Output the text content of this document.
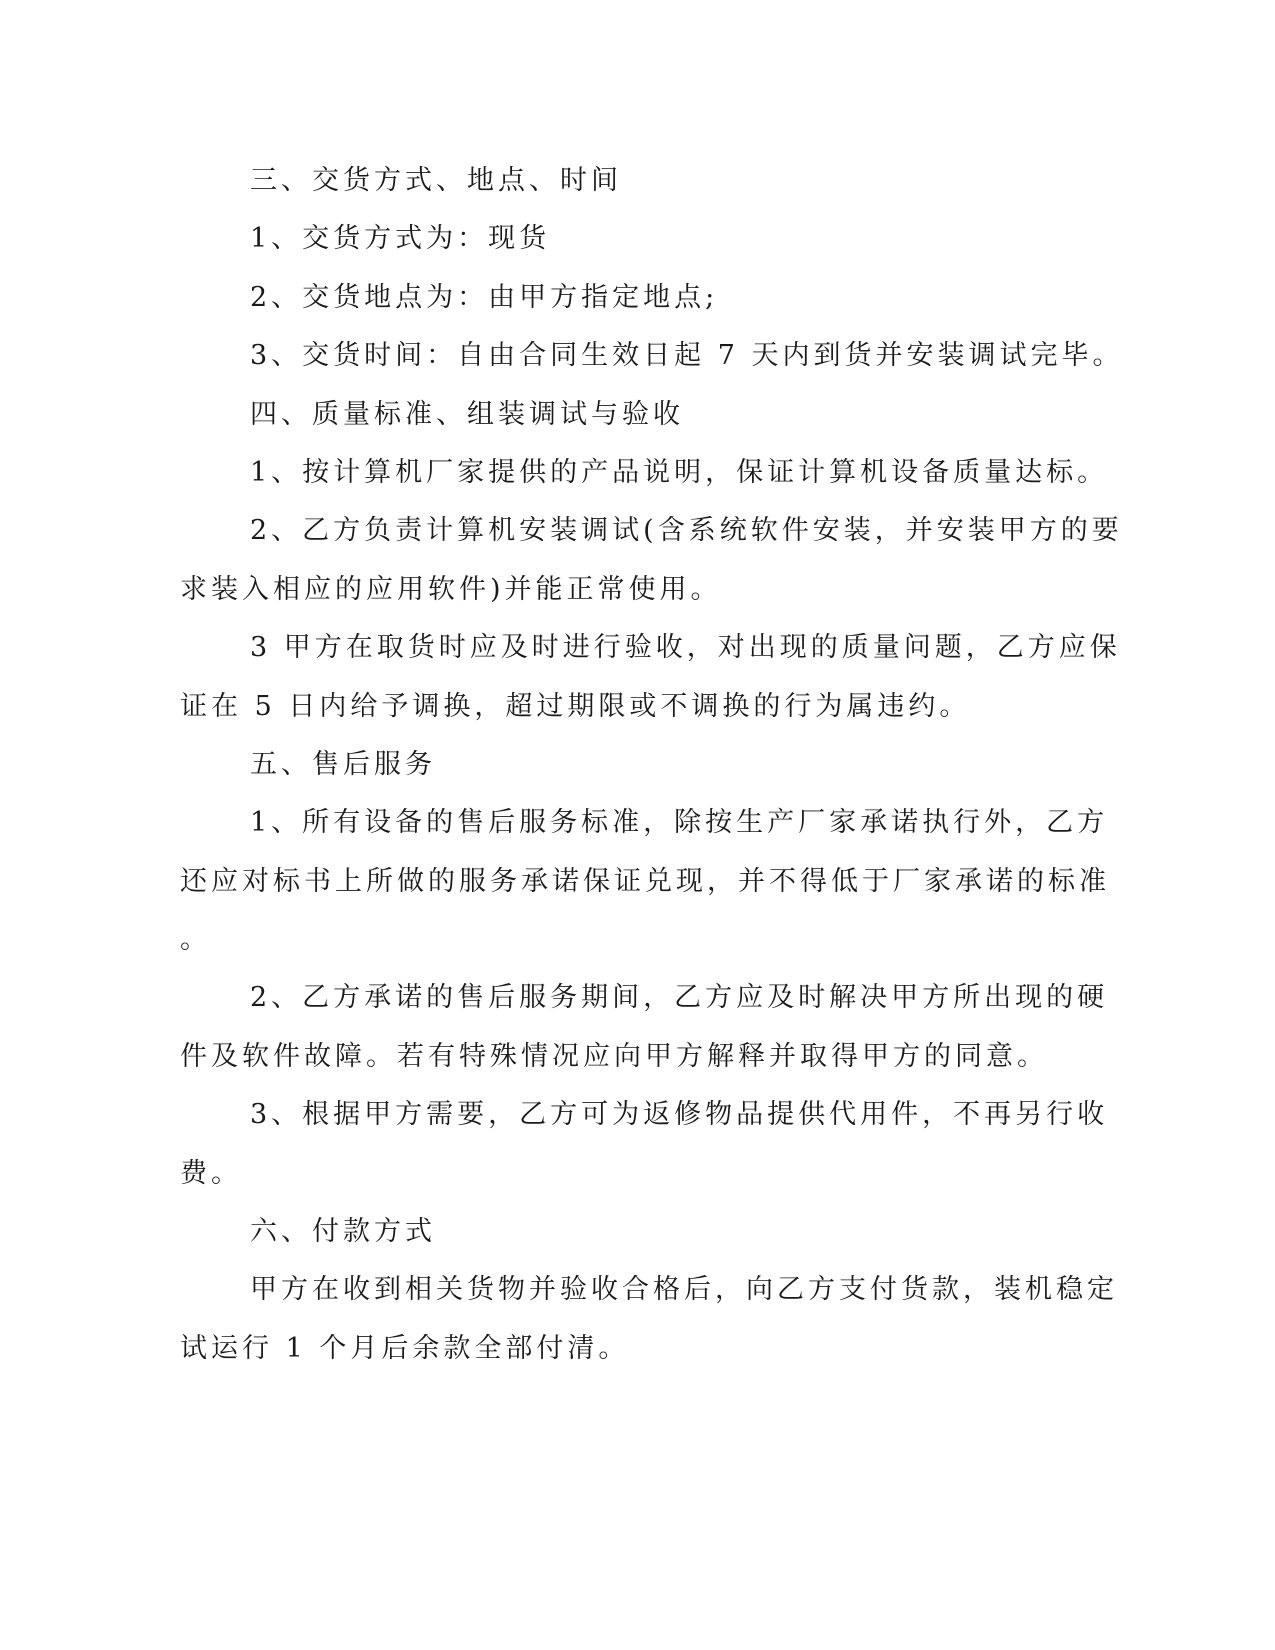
三、交货方式、地点、时间
1、交货方式为：现货
2、交货地点为：由甲方指定地点;
3、交货时间：自由合同生效日起 7 天内到货并安装调试完毕。
四、质量标准、组装调试与验收
1、按计算机厂家提供的产品说明，保证计算机设备质量达标。
2、乙方负责计算机安装调试(含系统软件安装，并安装甲方的要
求装入相应的应用软件)并能正常使用。
3 甲方在取货时应及时进行验收，对出现的质量问题，乙方应保
证在 5 日内给予调换，超过期限或不调换的行为属违约。
五、售后服务
1、所有设备的售后服务标准，除按生产厂家承诺执行外，乙方
还应对标书上所做的服务承诺保证兑现，并不得低于厂家承诺的标准
。
2、乙方承诺的售后服务期间，乙方应及时解决甲方所出现的硬
件及软件故障。若有特殊情况应向甲方解释并取得甲方的同意。
3、根据甲方需要，乙方可为返修物品提供代用件，不再另行收
费。
六、付款方式
甲方在收到相关货物并验收合格后，向乙方支付货款，装机稳定
试运行 1 个月后余款全部付清。
